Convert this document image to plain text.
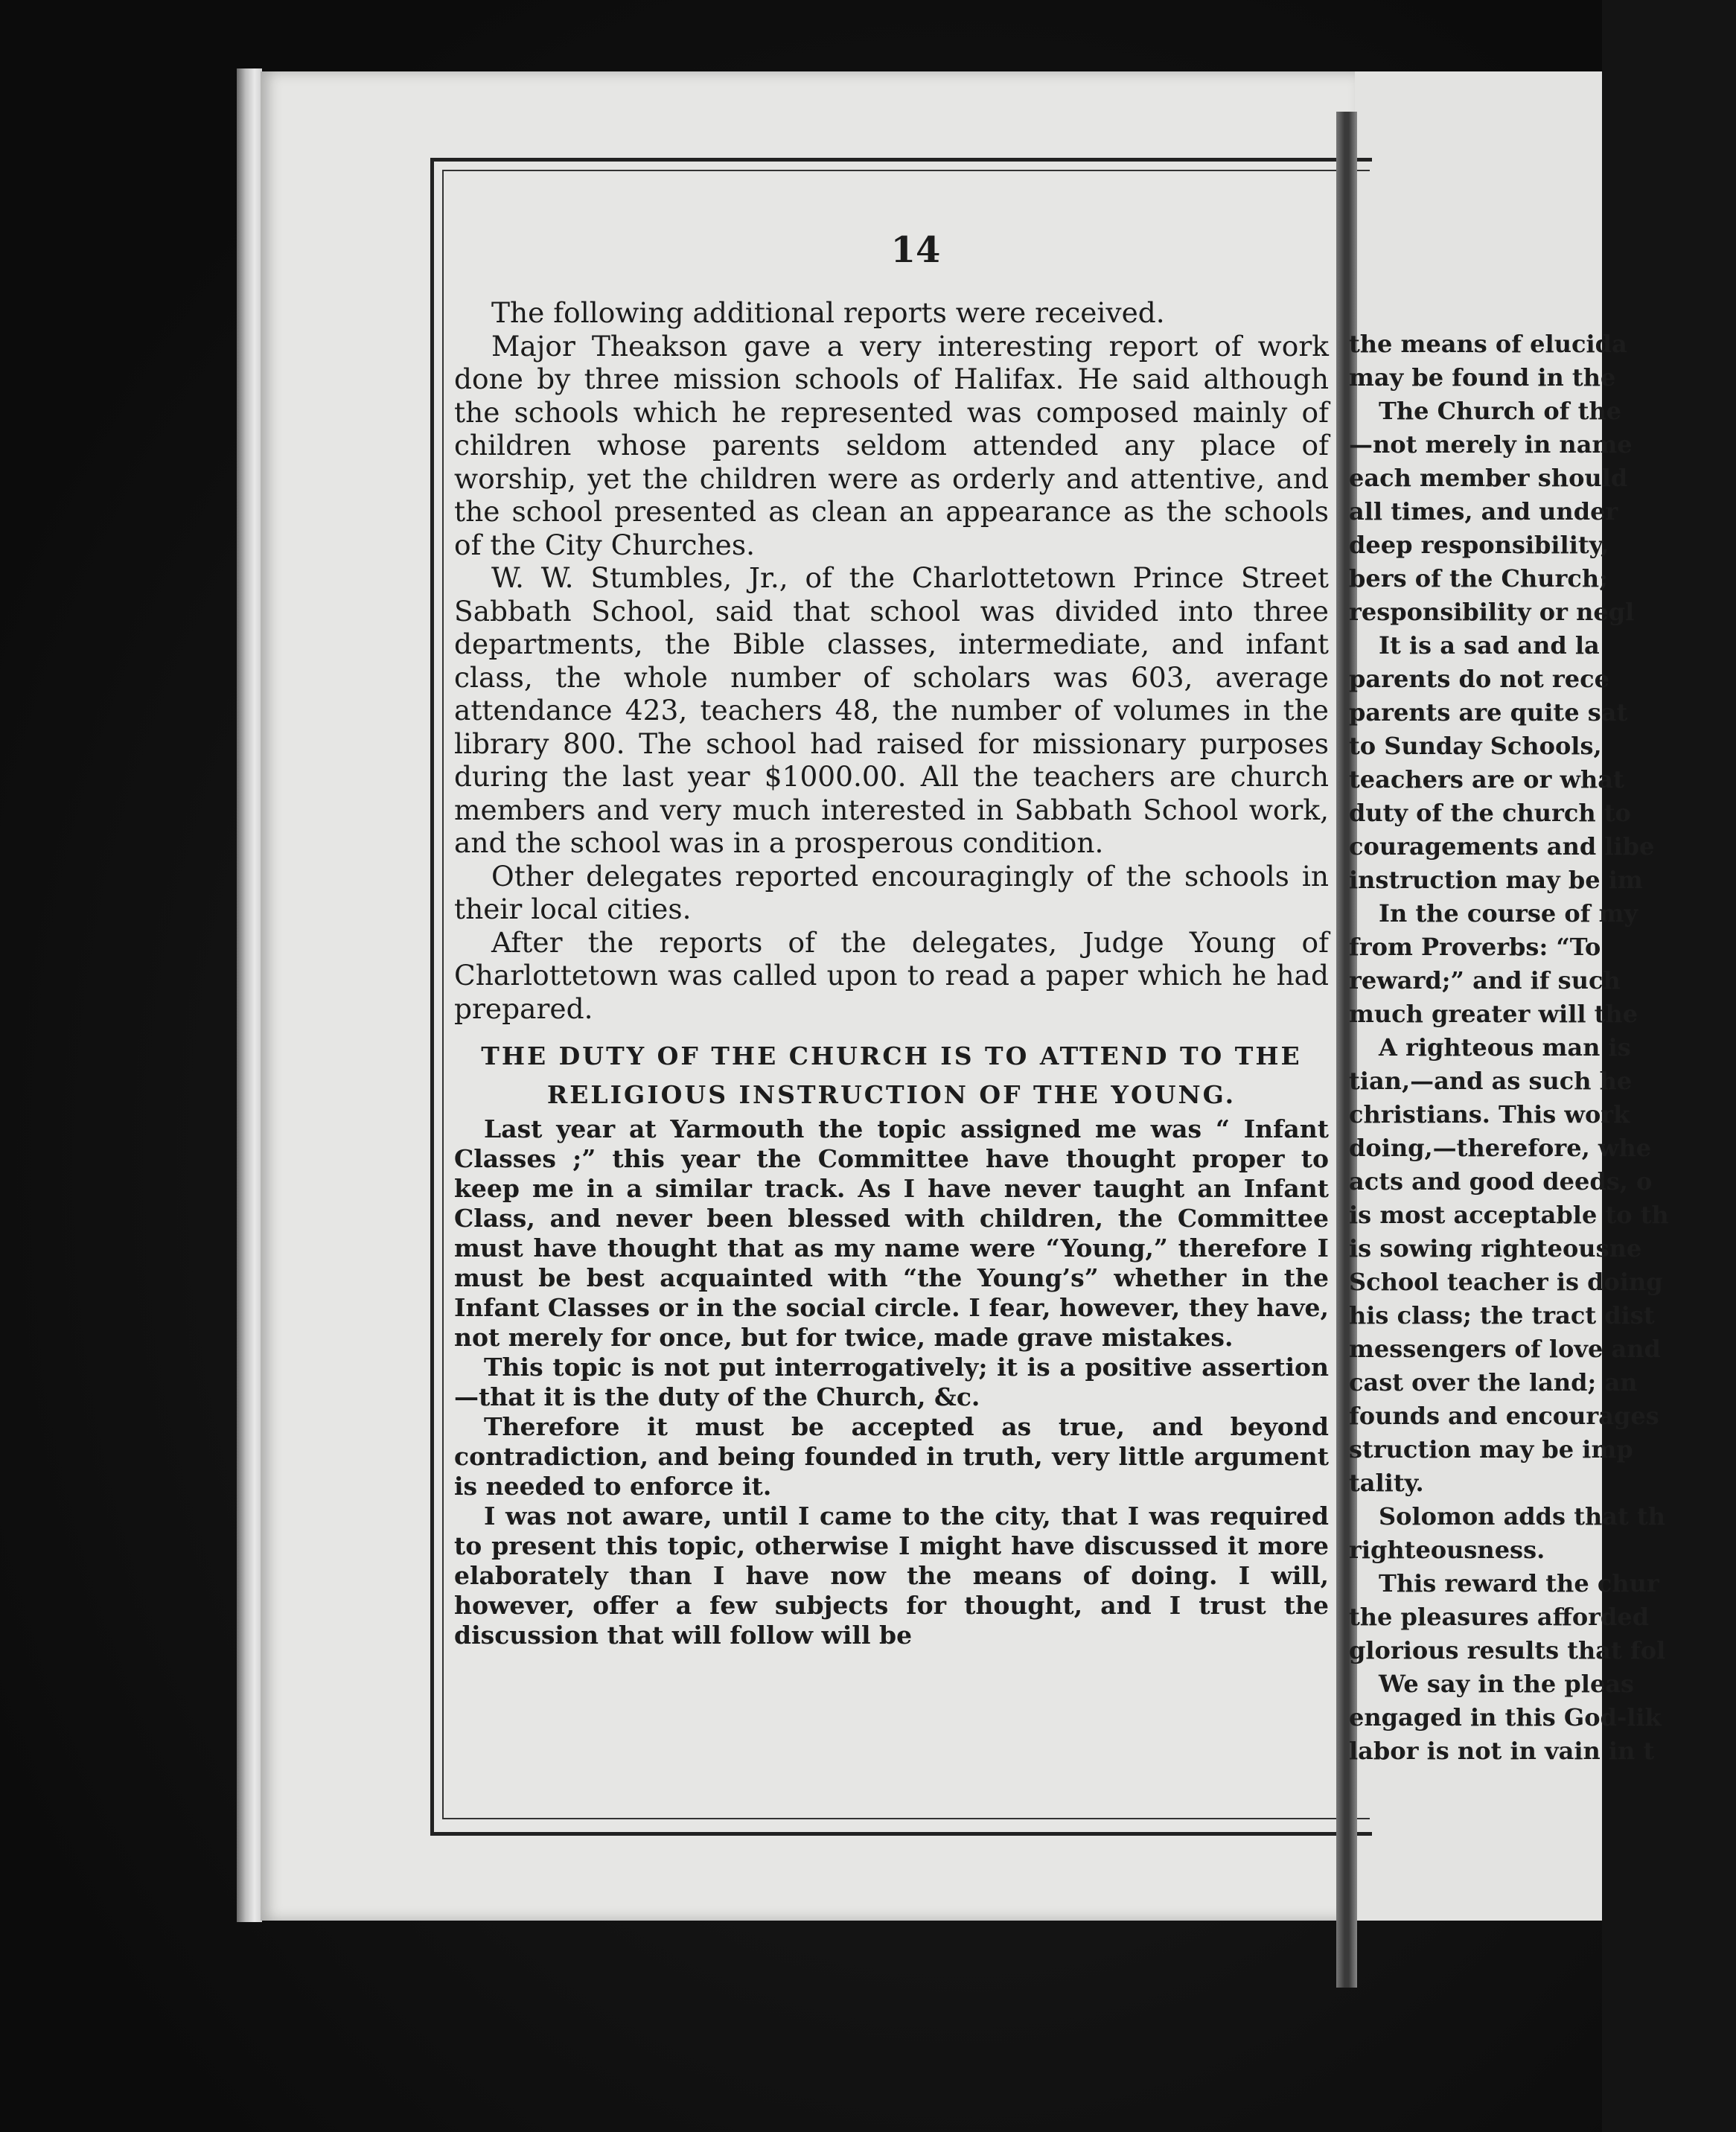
14

The following additional reports were received.

Major Theakson gave a very interesting report of work done by three mission schools of Halifax. He said although the schools which he represented was composed mainly of children whose parents seldom attended any place of worship, yet the children were as orderly and attentive, and the school presented as clean an appearance as the schools of the City Churches.

W. W. Stumbles, Jr., of the Charlottetown Prince Street Sabbath School, said that school was divided into three departments, the Bible classes, intermediate, and infant class, the whole number of scholars was 603, average attendance 423, teachers 48, the number of volumes in the library 800. The school had raised for missionary purposes during the last year $1000.00. All the teachers are church members and very much interested in Sabbath School work, and the school was in a prosperous condition.

Other delegates reported encouragingly of the schools in their local cities.

After the reports of the delegates, Judge Young of Charlottetown was called upon to read a paper which he had prepared.

THE DUTY OF THE CHURCH IS TO ATTEND TO THE
RELIGIOUS INSTRUCTION OF THE YOUNG.

Last year at Yarmouth the topic assigned me was “ Infant Classes ;” this year the Committee have thought proper to keep me in a similar track. As I have never taught an Infant Class, and never been blessed with children, the Committee must have thought that as my name were “Young,” therefore I must be best acquainted with “the Young’s” whether in the Infant Classes or in the social circle. I fear, however, they have, not merely for once, but for twice, made grave mistakes.

This topic is not put interrogatively; it is a positive assertion—that it is the duty of the Church, &c.

Therefore it must be accepted as true, and beyond contradiction, and being founded in truth, very little argument is needed to enforce it.

I was not aware, until I came to the city, that I was required to present this topic, otherwise I might have discussed it more elaborately than I have now the means of doing. I will, however, offer a few subjects for thought, and I trust the discussion that will follow will be

the means of elucida
may be found in the
The Church of the
—not merely in name
each member should
all times, and under
deep responsibility,
bers of the Church;
responsibility or negl
It is a sad and la
parents do not rece
parents are quite sat
to Sunday Schools,
teachers are or what
duty of the church to
couragements and libe
instruction may be im
In the course of my
from Proverbs: “To
reward;” and if such
much greater will the
A righteous man is
tian,—and as such he
christians. This work
doing,—therefore, whe
acts and good deeds, o
is most acceptable to th
is sowing righteousne
School teacher is doing
his class; the tract dist
messengers of love and
cast over the land; an
founds and encourages
struction may be imp
tality.
Solomon adds that th
righteousness.
This reward the chur
the pleasures afforded
glorious results that fol
We say in the pleas
engaged in this God-lik
labor is not in vain in t
